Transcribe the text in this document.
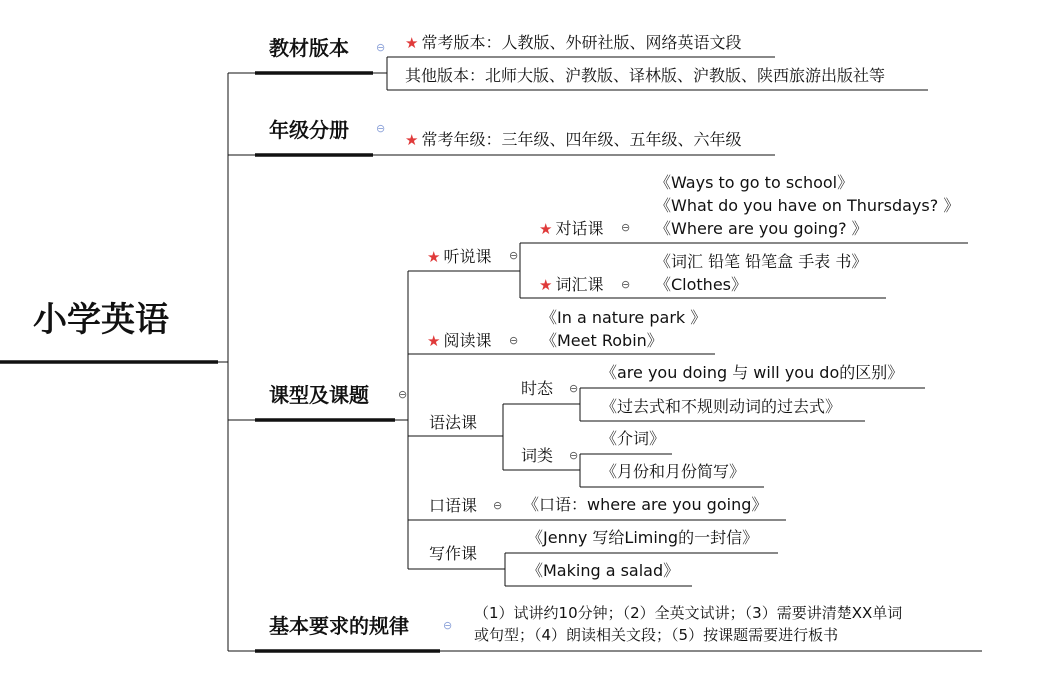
小学英语
教材版本 ⊖ ★ 常考版本：人教版、外研社版、网络英语文段
其他版本：北师大版、沪教版、译林版、沪教版、陕西旅游出版社等
年级分册 ⊖
★ 常考年级：三年级、四年级、五年级、六年级
课型及课题	⊖
★ 听说课 ⊖
★ 对话课 ⊖
《Ways to go to school》
《What do you have on Thursdays? 》
《Where are you going? 》
★ 词汇课 ⊖
《词汇 铅笔 铅笔盒 手表 书》
《Clothes》
★ 阅读课 ⊖
《In a nature park 》
《Meet Robin》
语法课
时态 ⊖
《are you doing 与 will you do的区别》
《过去式和不规则动词的过去式》
词类 ⊖
《介词》
《月份和月份简写》
口语课 ⊖ 《口语：where are you going》
写作课
《Jenny 写给Liming的一封信》
《Making a salad》
基本要求的规律	⊖
（1）试讲约10分钟；（2）全英文试讲；（3）需要讲清楚XX单词
或句型；（4）朗读相关文段；（5）按课题需要进行板书
